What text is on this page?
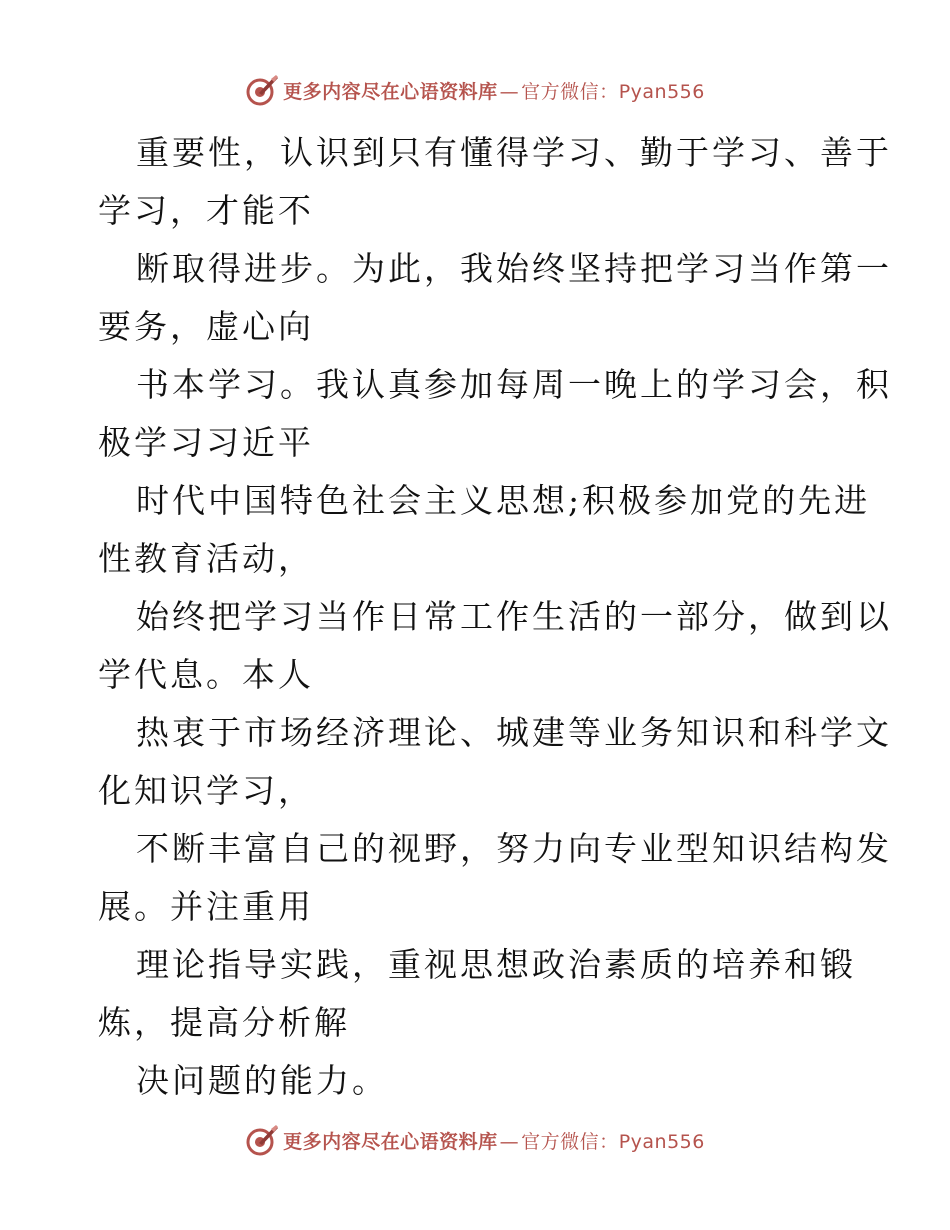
更多内容尽在心语资料库 — 官方微信： Pyan556
重要性，认识到只有懂得学习、勤于学习、善于
学习，才能不
断取得进步。为此，我始终坚持把学习当作第一
要务，虚心向
书本学习。我认真参加每周一晚上的学习会，积
极学习习近平
时代中国特色社会主义思想;积极参加党的先进
性教育活动，
始终把学习当作日常工作生活的一部分，做到以
学代息。本人
热衷于市场经济理论、城建等业务知识和科学文
化知识学习，
不断丰富自己的视野，努力向专业型知识结构发
展。并注重用
理论指导实践，重视思想政治素质的培养和锻
炼，提高分析解
决问题的能力。
更多内容尽在心语资料库 — 官方微信： Pyan556
